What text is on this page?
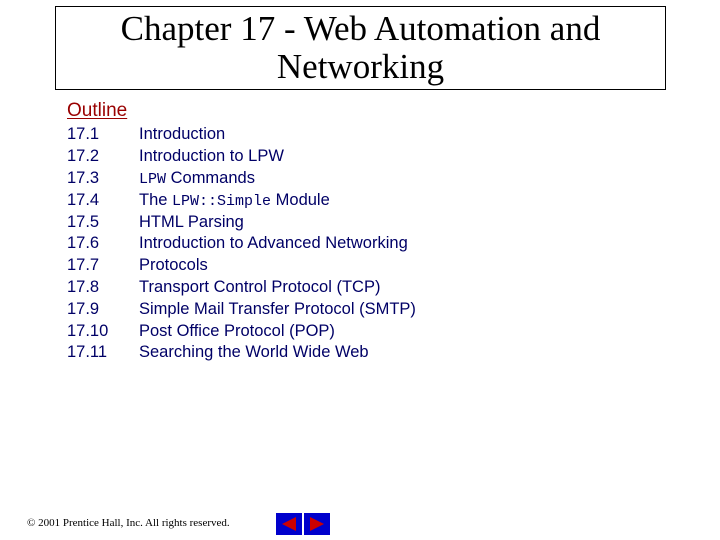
Chapter 17 - Web Automation and
Networking
Outline
17.1	Introduction
17.2	Introduction to LPW
17.3	LPW Commands
17.4	The LPW::Simple Module
17.5	HTML Parsing
17.6	Introduction to Advanced Networking
17.7	Protocols
17.8	Transport Control Protocol (TCP)
17.9	Simple Mail Transfer Protocol (SMTP)
17.10	Post Office Protocol (POP)
17.11	Searching the World Wide Web
© 2001 Prentice Hall, Inc. All rights reserved.
